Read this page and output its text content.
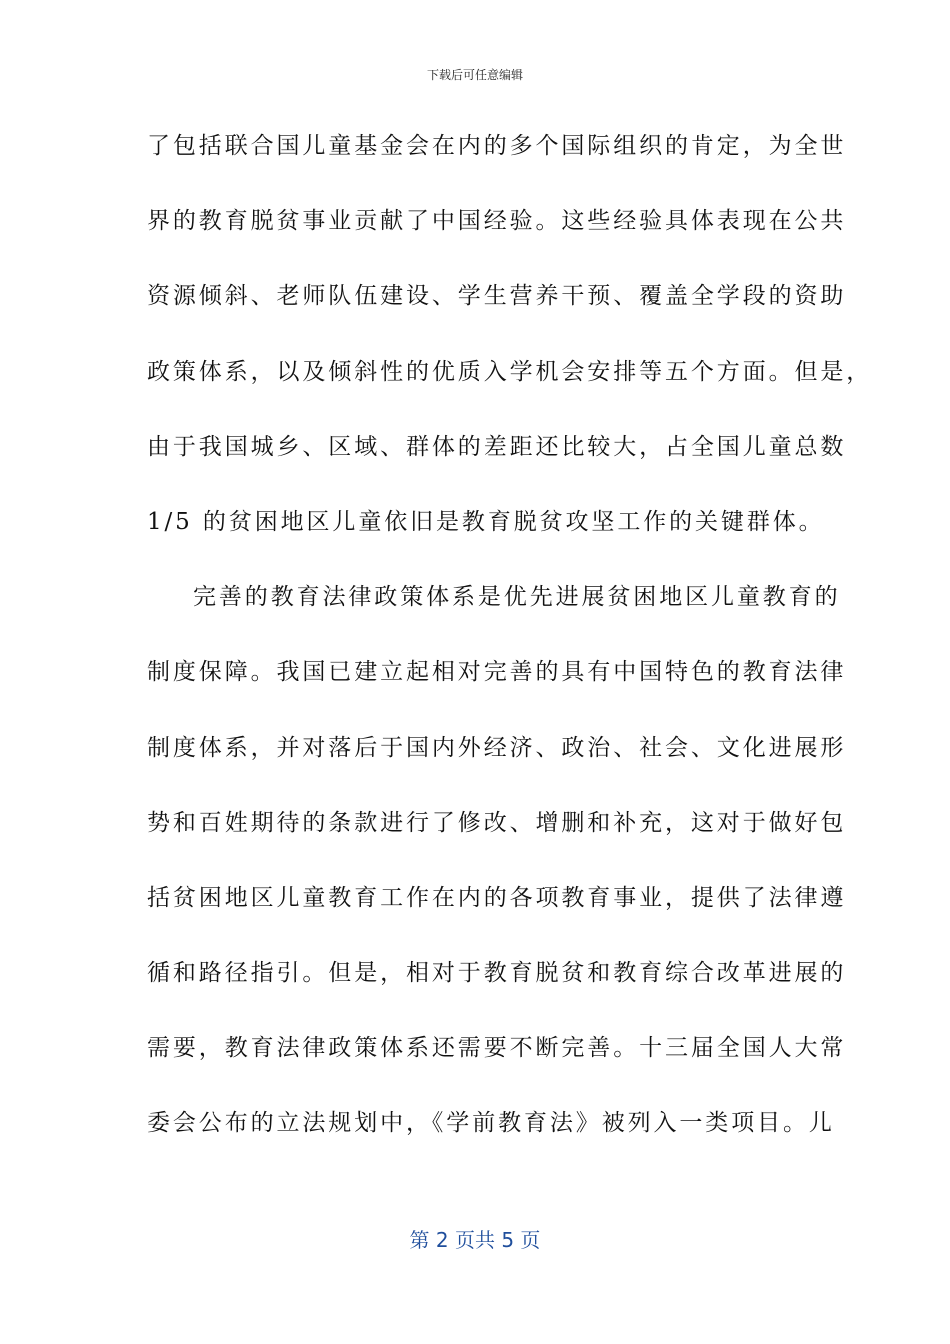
下载后可任意编辑
了包括联合国儿童基金会在内的多个国际组织的肯定，为全世
界的教育脱贫事业贡献了中国经验。这些经验具体表现在公共
资源倾斜、老师队伍建设、学生营养干预、覆盖全学段的资助
政策体系，以及倾斜性的优质入学机会安排等五个方面。但是，
由于我国城乡、区域、群体的差距还比较大，占全国儿童总数
1/5 的贫困地区儿童依旧是教育脱贫攻坚工作的关键群体。
完善的教育法律政策体系是优先进展贫困地区儿童教育的
制度保障。我国已建立起相对完善的具有中国特色的教育法律
制度体系，并对落后于国内外经济、政治、社会、文化进展形
势和百姓期待的条款进行了修改、增删和补充，这对于做好包
括贫困地区儿童教育工作在内的各项教育事业，提供了法律遵
循和路径指引。但是，相对于教育脱贫和教育综合改革进展的
需要，教育法律政策体系还需要不断完善。十三届全国人大常
委会公布的立法规划中，《学前教育法》被列入一类项目。儿
第 2 页共 5 页
